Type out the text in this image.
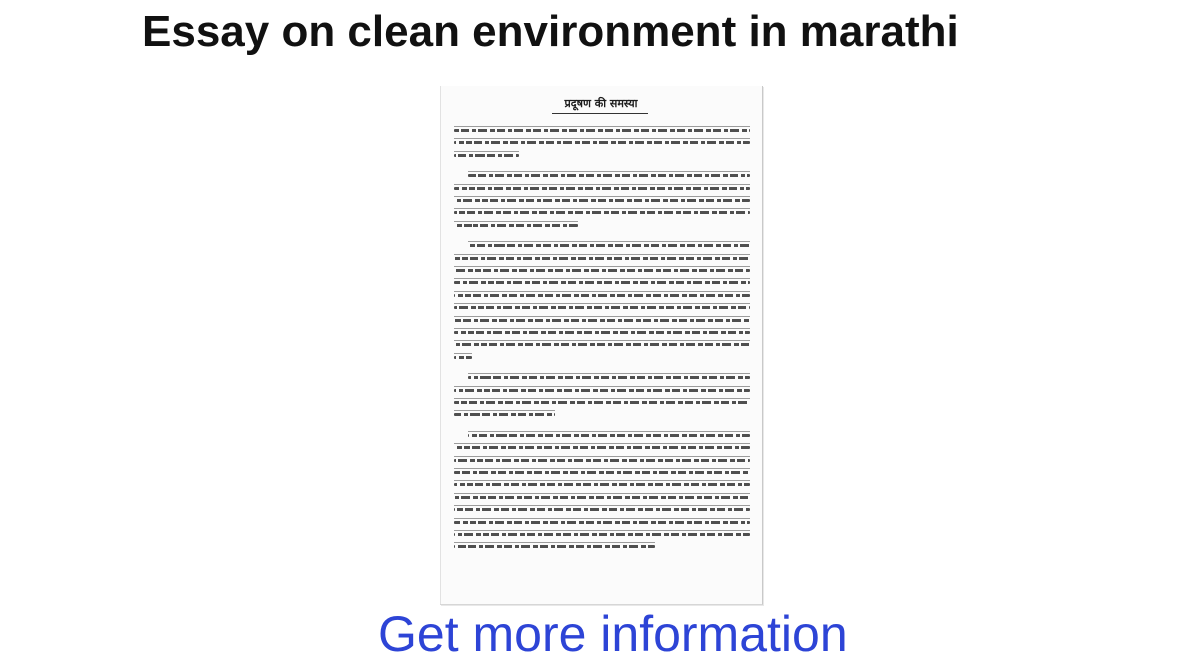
Essay on clean environment in marathi
प्रदूषण की समस्या
Get more information
